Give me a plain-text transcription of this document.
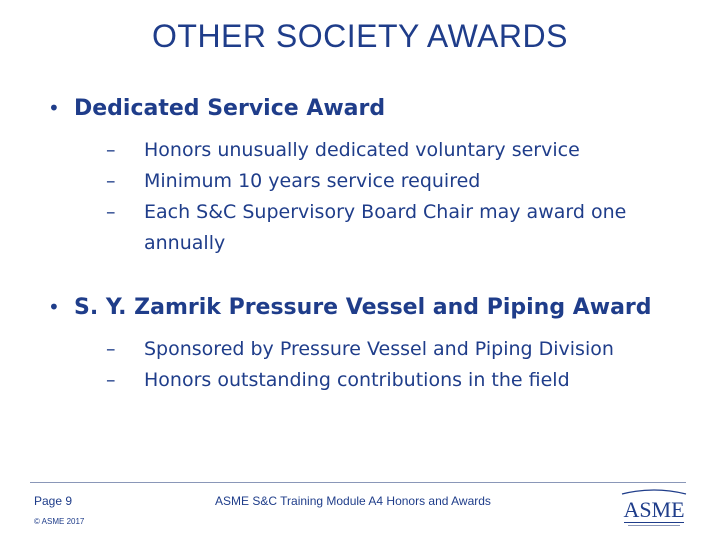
OTHER SOCIETY AWARDS
• Dedicated Service Award
–	Honors unusually dedicated voluntary service
–	Minimum 10 years service required
–	Each S&C Supervisory Board Chair may award one annually
• S. Y. Zamrik Pressure Vessel and Piping Award
–	Sponsored by Pressure Vessel and Piping Division
–	Honors outstanding contributions in the field
Page 9
© ASME 2017
ASME S&C Training Module A4 Honors and Awards	ASME
